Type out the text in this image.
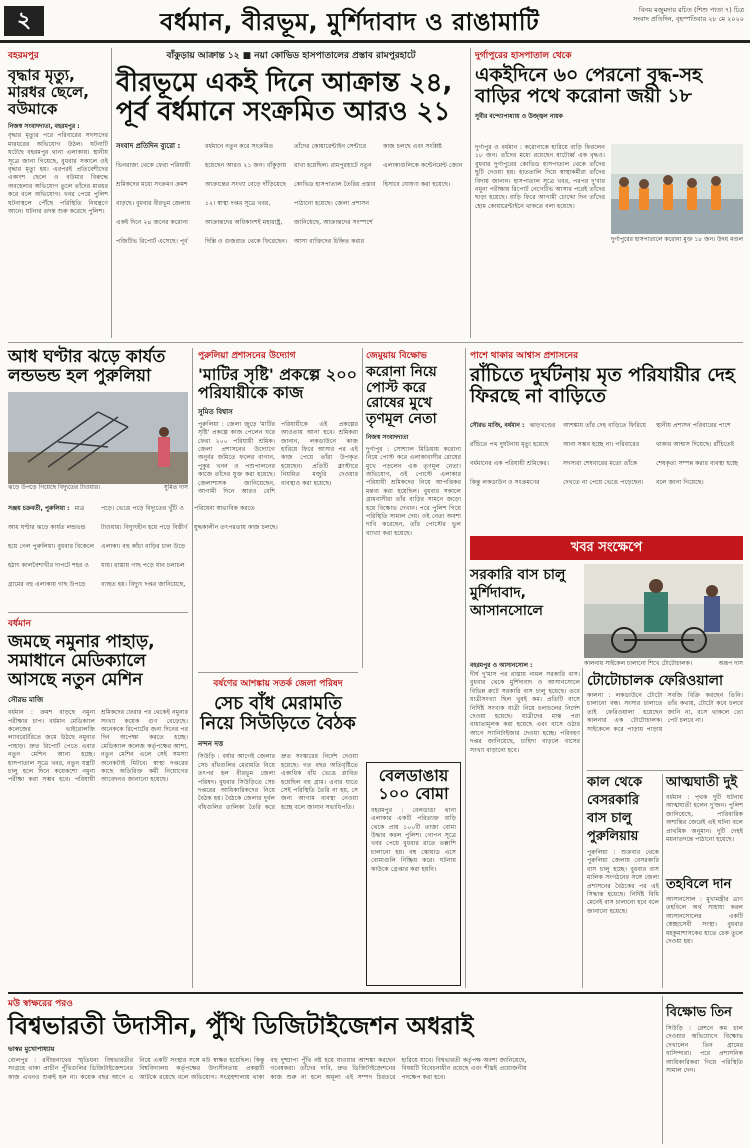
২	বর্ধমান, বীরভূম, মুর্শিদাবাদ ও রাঙামাটি	বিনয় মজুমদার রচিত (শিশু পাতা ৭) চিত্র
সংবাদ প্রতিদিন, বৃহস্পতিবার ২৮ মে ২০২০
বহরমপুর
বৃদ্ধার মৃত্যু, মারধর ছেলে, বউমাকে
নিজস্ব সংবাদদাতা, বহরমপুর :
বৃদ্ধার মৃত্যুর পরে পরিবারের সদস্যদের মারধরের অভিযোগ উঠল। ঘটনাটি ঘটেছে বহরমপুর থানা এলাকায়। স্থানীয় সূত্রে জানা গিয়েছে, বুধবার সকালে ওই বৃদ্ধার মৃত্যু হয়। এরপরই প্রতিবেশীদের একাংশ ছেলে ও বউমার বিরুদ্ধে অবহেলার অভিযোগ তুলে তাঁদের মারধর করে বলে অভিযোগ। খবর পেয়ে পুলিশ ঘটনাস্থলে পৌঁছে পরিস্থিতি নিয়ন্ত্রণে আনে। ঘটনার তদন্ত শুরু করেছে পুলিশ।
বাঁকুড়ায় আক্রান্ত ১২ ■ নয়া কোভিড হাসপাতালের প্রস্তাব রামপুরহাটে
বীরভূমে একই দিনে আক্রান্ত ২৪,
পূর্ব বর্ধমানে সংক্রমিত আরও ২১
সংবাদ প্রতিদিন ব্যুরো : ভিনরাজ্য থেকে ফেরা পরিযায়ী শ্রমিকদের মধ্যে সংক্রমণ ক্রমশ বাড়ছে। বুধবার বীরভূম জেলায় একই দিনে ২৪ জনের করোনা পজিটিভ রিপোর্ট এসেছে। পূর্ব বর্ধমানে নতুন করে সংক্রমিত হয়েছেন আরও ২১ জন। বাঁকুড়ায় আক্রান্তের সংখ্যা বেড়ে দাঁড়িয়েছে ১২। স্বাস্থ্য দপ্তর সূত্রে খবর, আক্রান্তদের অধিকাংশই মহারাষ্ট্র, দিল্লি ও গুজরাত থেকে ফিরেছেন। তাঁদের কোয়ারেন্টাইন সেন্টারে রাখা হয়েছিল। রামপুরহাটে নতুন কোভিড হাসপাতাল তৈরির প্রস্তাব পাঠানো হয়েছে। জেলা প্রশাসন জানিয়েছে, আক্রান্তদের সংস্পর্শে আসা ব্যক্তিদের চিহ্নিত করার কাজ চলছে এবং সংশ্লিষ্ট এলাকাগুলিকে কন্টেনমেন্ট জোন হিসাবে ঘোষণা করা হয়েছে।
দুর্গাপুরের হাসপাতাল থেকে
একইদিনে ৬০ পেরনো বৃদ্ধ-সহ বাড়ির পথে করোনা জয়ী ১৮
সুবীর বন্দ্যোপাধ্যায় ও উজ্জ্বল নায়ক
দুর্গাপুর ও বর্ধমান : করোনাকে হারিয়ে বাড়ি ফিরলেন ১৮ জন। তাঁদের মধ্যে রয়েছেন ষাটোর্ধ্ব এক বৃদ্ধও। বুধবার দুর্গাপুরের কোভিড হাসপাতাল থেকে তাঁদের ছুটি দেওয়া হয়। হাততালি দিয়ে স্বাস্থ্যকর্মীরা তাঁদের বিদায় জানান। হাসপাতাল সূত্রে খবর, পরপর দু'বার নমুনা পরীক্ষায় রিপোর্ট নেগেটিভ আসার পরেই তাঁদের ছাড়া হয়েছে। বাড়ি ফিরে আগামী চোদ্দো দিন তাঁদের হোম কোয়ারেন্টাইনে থাকতে বলা হয়েছে।
দুর্গাপুরের হাসপাতালে করোনা মুক্ত ১৮ জন। উদয় মণ্ডল
আধ ঘণ্টার ঝড়ে কার্যত লন্ডভন্ড হল পুরুলিয়া
ঝড়ে উপড়ে গিয়েছে বিদ্যুতের টাওয়ার।	সুমিত দাস
সঞ্জয় চক্রবর্তী, পুরুলিয়া : মাত্র আধ ঘণ্টার ঝড়ে কার্যত লন্ডভন্ড হয়ে গেল পুরুলিয়া। বুধবার বিকেলে হঠাৎ কালবৈশাখীর দাপটে শহর ও গ্রামের বহু এলাকায় গাছ উপড়ে পড়ে। ভেঙে পড়ে বিদ্যুতের খুঁটি ও টাওয়ার। বিদ্যুৎহীন হয়ে পড়ে বিস্তীর্ণ এলাকা। বহু কাঁচা বাড়ির চাল উড়ে যায়। রাস্তায় গাছ পড়ে যান চলাচল ব্যাহত হয়। বিদ্যুৎ দপ্তর জানিয়েছে, পরিষেবা স্বাভাবিক করতে যুদ্ধকালীন তৎপরতায় কাজ চলছে।
বর্ধমান
জমছে নমুনার পাহাড়, সমাধানে মেডিক্যালে আসছে নতুন মেশিন
সৌরভ মাজি
বর্ধমান : ক্রমশ বাড়ছে নমুনা পরীক্ষার চাপ। বর্ধমান মেডিক্যাল কলেজের ভাইরোলজি ল্যাবরেটরিতে জমে উঠছে নমুনার পাহাড়। দ্রুত রিপোর্ট পেতে এবার নতুন মেশিন আনা হচ্ছে। হাসপাতাল সূত্রে খবর, নতুন যন্ত্রটি চালু হলে দিনে কয়েকশো নমুনা পরীক্ষা করা সম্ভব হবে। পরিযায়ী শ্রমিকদের ফেরার পর থেকেই নমুনার সংখ্যা কয়েক গুণ বেড়েছে। অনেককে রিপোর্টের জন্য দিনের পর দিন অপেক্ষা করতে হচ্ছে। মেডিক্যাল কলেজ কর্তৃপক্ষের আশা, নতুন মেশিন এলে সেই সমস্যা অনেকটাই মিটবে। স্বাস্থ্য দপ্তরের কাছে অতিরিক্ত কর্মী নিয়োগের আবেদনও জানানো হয়েছে।
পুরুলিয়া প্রশাসনের উদ্যোগ
'মাটির সৃষ্টি' প্রকল্পে ২০০ পরিযায়ীকে কাজ
সুমিত বিশ্বাস
পুরুলিয়া : জেলা জুড়ে 'মাটির সৃষ্টি' প্রকল্পে কাজ পেলেন ঘরে ফেরা ২০০ পরিযায়ী শ্রমিক। জেলা প্রশাসনের উদ্যোগে অনুর্বর জমিতে ফলের বাগান, পুকুর খনন ও পশুপালনের কাজে তাঁদের যুক্ত করা হয়েছে। জেলাশাসক জানিয়েছেন, আগামী দিনে আরও বেশি পরিযায়ীকে এই প্রকল্পের আওতায় আনা হবে। শ্রমিকরা জানান, লকডাউনে কাজ হারিয়ে ফিরে আসার পর এই কাজ পেয়ে তাঁরা উপকৃত হয়েছেন। প্রতিটি ক্লাস্টারে নিয়মিত মজুরি দেওয়ার ব্যবস্থাও করা হয়েছে।
জেমুয়ায় বিক্ষোভ
করোনা নিয়ে পোস্ট করে রোষের মুখে তৃণমূল নেতা
নিজস্ব সংবাদদাতা
দুর্গাপুর : সোশ্যাল মিডিয়ায় করোনা নিয়ে পোস্ট করে এলাকাবাসীর রোষের মুখে পড়লেন এক তৃণমূল নেতা। অভিযোগ, ওই পোস্টে এলাকার পরিযায়ী শ্রমিকদের নিয়ে আপত্তিকর মন্তব্য করা হয়েছিল। বুধবার সকালে গ্রামবাসীরা তাঁর বাড়ির সামনে জড়ো হয়ে বিক্ষোভ দেখান। পরে পুলিশ গিয়ে পরিস্থিতি সামাল দেয়। ওই নেতা অবশ্য দাবি করেছেন, তাঁর পোস্টের ভুল ব্যাখ্যা করা হয়েছে।
বর্ষণের আশঙ্কায় সতর্ক জেলা পরিষদ
সেচ বাঁধ মেরামতি নিয়ে সিউড়িতে বৈঠক
নন্দন দত্ত
সিউড়ি : বর্ষার আগেই জেলার সেচ বাঁধগুলির মেরামতি নিয়ে তৎপর হল বীরভূম জেলা পরিষদ। বুধবার সিউড়িতে সেচ দপ্তরের আধিকারিকদের নিয়ে বৈঠক হয়। বৈঠকে জেলার দুর্বল বাঁধগুলির তালিকা তৈরি করে দ্রুত সংস্কারের নির্দেশ দেওয়া হয়েছে। গত বছর অতিবৃষ্টিতে একাধিক বাঁধ ভেঙে প্লাবিত হয়েছিল বহু গ্রাম। এবার যাতে সেই পরিস্থিতি তৈরি না হয়, সে জন্য আগাম ব্যবস্থা নেওয়া হচ্ছে বলে জানান সভাধিপতি।
বেলডাঙায় ১০০ বোমা
বহরমপুর : বেলডাঙা থানা এলাকার একটি পরিত্যক্ত বাড়ি থেকে প্রায় ১০০টি তাজা বোমা উদ্ধার করল পুলিশ। গোপন সূত্রে খবর পেয়ে বুধবার রাতে তল্লাশি চালানো হয়। বম্ব স্কোয়াড এসে বোমাগুলি নিষ্ক্রিয় করে। ঘটনায় কাউকে গ্রেপ্তার করা হয়নি।
পাশে থাকার আশ্বাস প্রশাসনের
রাঁচিতে দুর্ঘটনায় মৃত পরিযায়ীর দেহ ফিরছে না বাড়িতে
সৌরভ মাজি, বর্ধমান : ঝাড়খণ্ডের রাঁচিতে পথ দুর্ঘটনায় মৃত্যু হয়েছে বর্ধমানের এক পরিযায়ী শ্রমিকের। কিন্তু লকডাউন ও সংক্রমণের আশঙ্কায় তাঁর দেহ বাড়িতে ফিরিয়ে আনা সম্ভব হচ্ছে না। পরিবারের সদস্যরা শেষবারের মতো তাঁকে দেখতে না পেয়ে ভেঙে পড়েছেন। স্থানীয় প্রশাসন পরিবারের পাশে থাকার আশ্বাস দিয়েছে। রাঁচিতেই শেষকৃত্য সম্পন্ন করার ব্যবস্থা হচ্ছে বলে জানা গিয়েছে।
খবর সংক্ষেপে
সরকারি বাস চালু মুর্শিদাবাদ, আসানসোলে
কালনায় সাইকেল চালানো শিখে টোটোচালক।	অরূপ দাস
বহরমপুর ও আসানসোল :
দীর্ঘ দু'মাস পর রাস্তায় নামল সরকারি বাস। বুধবার থেকে মুর্শিদাবাদ ও আসানসোলে বিভিন্ন রুটে সরকারি বাস চালু হয়েছে। তবে যাত্রীসংখ্যা ছিল খুবই কম। প্রতিটি বাসে নির্দিষ্ট সংখ্যক যাত্রী নিয়ে চলাচলের নির্দেশ দেওয়া হয়েছে। যাত্রীদের মাস্ক পরা বাধ্যতামূলক করা হয়েছে এবং বাসে ওঠার আগে স্যানিটাইজার দেওয়া হচ্ছে। পরিবহণ দপ্তর জানিয়েছে, চাহিদা বাড়লে বাসের সংখ্যা বাড়ানো হবে।
টোটোচালক ফেরিওয়ালা
কালনা : লকডাউনে টোটো চালানো বন্ধ। সংসার চালাতে তাই ফেরিওয়ালা হয়েছেন কালনার এক টোটোচালক। সাইকেলে করে পাড়ায় পাড়ায় সবজি বিক্রি করছেন তিনি। তাঁর কথায়, টোটো কবে চলবে জানি না, বসে থাকলে তো পেট চলবে না।
কাল থেকে বেসরকারি বাস চালু পুরুলিয়ায়
পুরুলিয়া : শুক্রবার থেকে পুরুলিয়া জেলায় বেসরকারি বাস চালু হচ্ছে। বুধবার বাস মালিক সংগঠনের সঙ্গে জেলা প্রশাসনের বৈঠকের পর এই সিদ্ধান্ত হয়েছে। নির্দিষ্ট বিধি মেনেই বাস চালানো হবে বলে জানানো হয়েছে।
আত্মঘাতী দুই
বর্ধমান : পৃথক দুটি ঘটনায় আত্মঘাতী হলেন দু'জন। পুলিশ জানিয়েছে, পারিবারিক অশান্তির জেরেই এই ঘটনা বলে প্রাথমিক অনুমান। দুটি দেহই ময়নাতদন্তে পাঠানো হয়েছে।
তহবিলে দান
আসানসোল : মুখ্যমন্ত্রীর ত্রাণ তহবিলে অর্থ সাহায্য করল আসানসোলের একটি স্বেচ্ছাসেবী সংস্থা। বুধবার মহকুমাশাসকের হাতে চেক তুলে দেওয়া হয়।
মউ স্বাক্ষরের পরও
বিশ্বভারতী উদাসীন, পুঁথি ডিজিটাইজেশন অধরাই
ভাস্বর মুখোপাধ্যায়
বোলপুর : রবীন্দ্রনাথের স্মৃতিধন্য বিশ্বভারতীর সংগ্রহে থাকা প্রাচীন পুঁথিগুলির ডিজিটাইজেশনের কাজ এখনও শুরুই হল না। কয়েক বছর আগে এ নিয়ে একটি সংস্থার সঙ্গে মউ স্বাক্ষর হয়েছিল। কিন্তু বিশ্ববিদ্যালয় কর্তৃপক্ষের উদাসীনতায় প্রকল্পটি আটকে রয়েছে বলে অভিযোগ। সংগ্রহশালায় থাকা বহু দুষ্প্রাপ্য পুঁথি নষ্ট হয়ে যাওয়ার আশঙ্কা করছেন গবেষকরা। তাঁদের দাবি, দ্রুত ডিজিটাইজেশনের কাজ শুরু না হলে অমূল্য এই সম্পদ চিরতরে হারিয়ে যাবে। বিশ্বভারতী কর্তৃপক্ষ অবশ্য জানিয়েছে, বিষয়টি বিবেচনাধীন রয়েছে এবং শীঘ্রই প্রয়োজনীয় পদক্ষেপ করা হবে।
বিক্ষোভ তিন
সিউড়ি : রেশনে কম চাল দেওয়ার অভিযোগে বিক্ষোভ দেখালেন তিন গ্রামের বাসিন্দারা। পরে প্রশাসনিক আধিকারিকরা গিয়ে পরিস্থিতি সামাল দেন।
